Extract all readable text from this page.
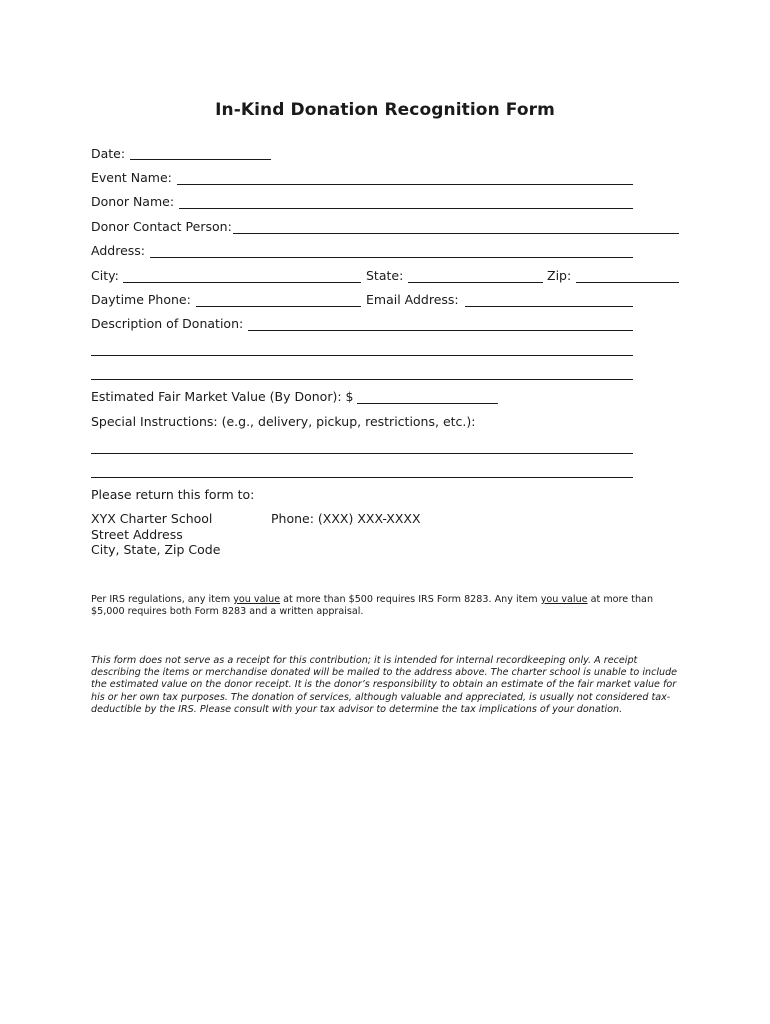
In-Kind Donation Recognition Form
Date:
Event Name:
Donor Name:
Donor Contact Person:
Address:
City:	State:	Zip:
Daytime Phone:	Email Address:
Description of Donation:
Estimated Fair Market Value (By Donor): $
Special Instructions: (e.g., delivery, pickup, restrictions, etc.):
Please return this form to:
XYX Charter School
Street Address
City, State, Zip Code
Phone: (XXX) XXX-XXXX
Per IRS regulations, any item you value at more than $500 requires IRS Form 8283. Any item you value at more than $5,000 requires both Form 8283 and a written appraisal.
This form does not serve as a receipt for this contribution; it is intended for internal recordkeeping only. A receipt describing the items or merchandise donated will be mailed to the address above. The charter school is unable to include the estimated value on the donor receipt. It is the donor’s responsibility to obtain an estimate of the fair market value for his or her own tax purposes. The donation of services, although valuable and appreciated, is usually not considered tax-deductible by the IRS. Please consult with your tax advisor to determine the tax implications of your donation.
